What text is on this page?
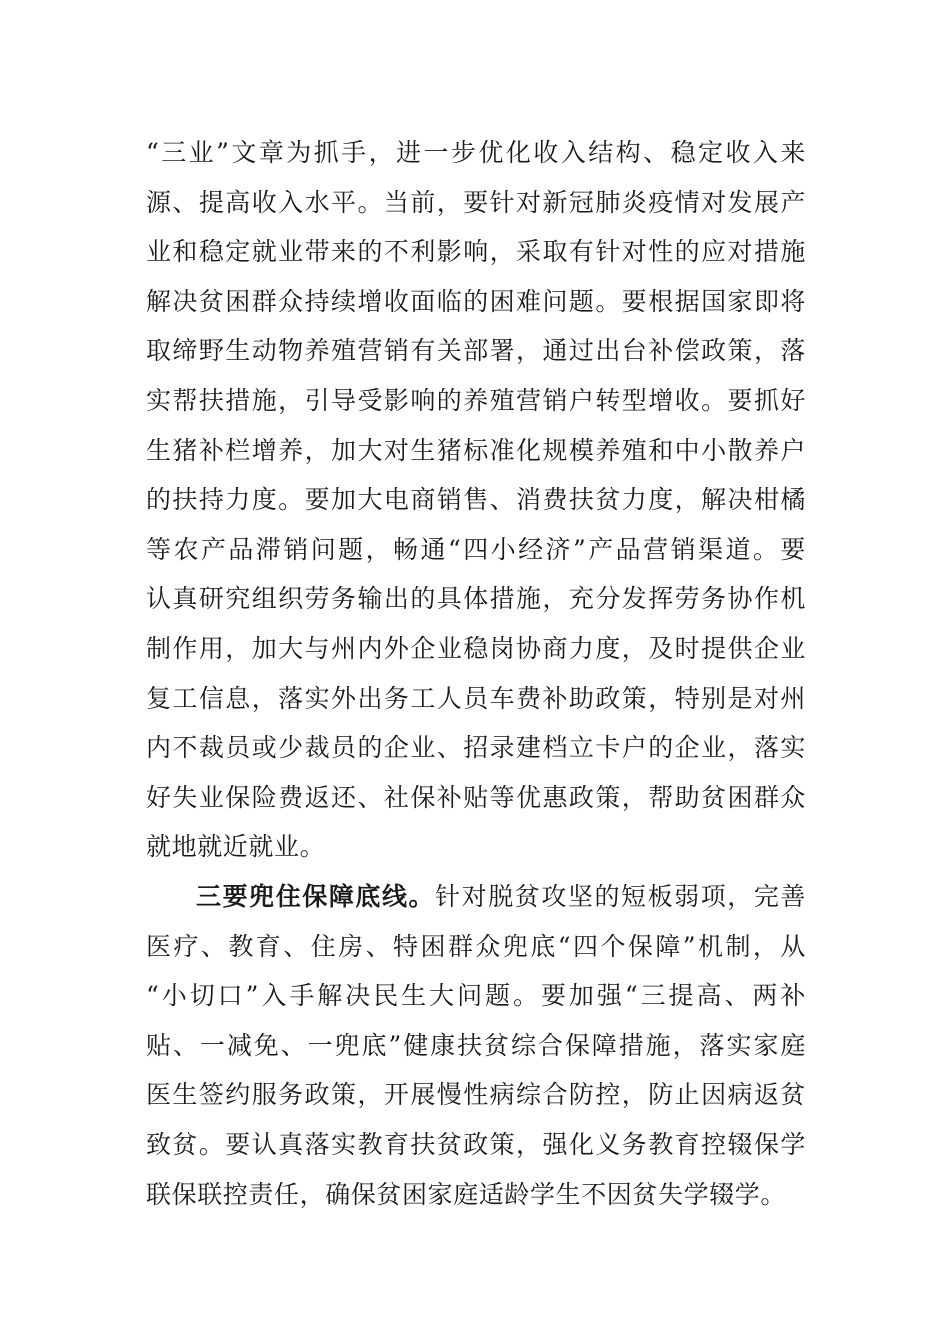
“三业”文章为抓手，进一步优化收入结构、稳定收入来
源、提高收入水平。当前，要针对新冠肺炎疫情对发展产
业和稳定就业带来的不利影响，采取有针对性的应对措施
解决贫困群众持续增收面临的困难问题。要根据国家即将
取缔野生动物养殖营销有关部署，通过出台补偿政策，落
实帮扶措施，引导受影响的养殖营销户转型增收。要抓好
生猪补栏增养，加大对生猪标准化规模养殖和中小散养户
的扶持力度。要加大电商销售、消费扶贫力度，解决柑橘
等农产品滞销问题，畅通“四小经济”产品营销渠道。要
认真研究组织劳务输出的具体措施，充分发挥劳务协作机
制作用，加大与州内外企业稳岗协商力度，及时提供企业
复工信息，落实外出务工人员车费补助政策，特别是对州
内不裁员或少裁员的企业、招录建档立卡户的企业，落实
好失业保险费返还、社保补贴等优惠政策，帮助贫困群众
就地就近就业。
三要兜住保障底线。针对脱贫攻坚的短板弱项，完善
医疗、教育、住房、特困群众兜底“四个保障”机制，从
“小切口”入手解决民生大问题。要加强“三提高、两补
贴、一减免、一兜底”健康扶贫综合保障措施，落实家庭
医生签约服务政策，开展慢性病综合防控，防止因病返贫
致贫。要认真落实教育扶贫政策，强化义务教育控辍保学
联保联控责任，确保贫困家庭适龄学生不因贫失学辍学。
